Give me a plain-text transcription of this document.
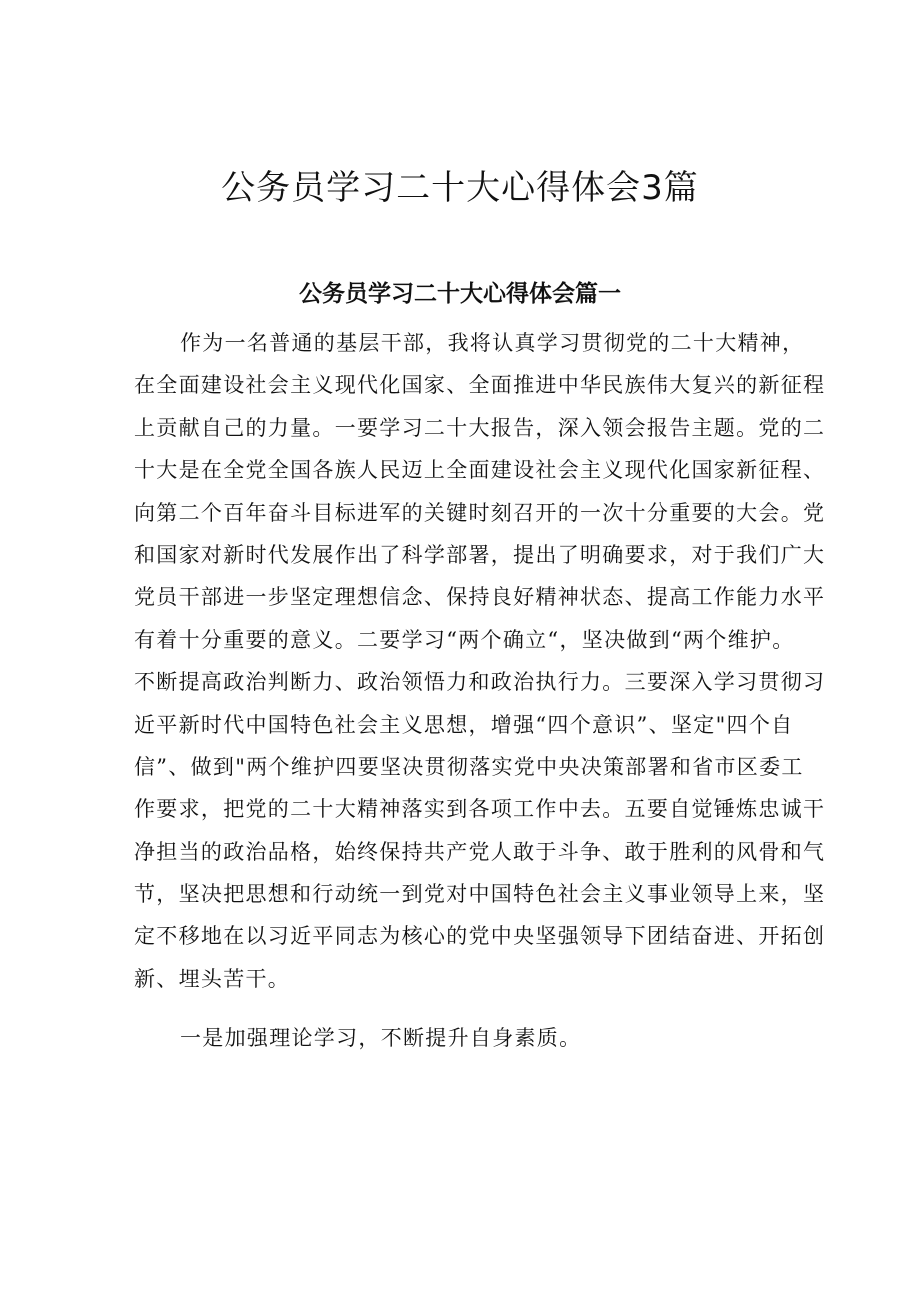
公务员学习二十大心得体会3篇
公务员学习二十大心得体会篇一
作为一名普通的基层干部，我将认真学习贯彻党的二十大精神，
在全面建设社会主义现代化国家、全面推进中华民族伟大复兴的新征程
上贡献自己的力量。一要学习二十大报告，深入领会报告主题。党的二
十大是在全党全国各族人民迈上全面建设社会主义现代化国家新征程、
向第二个百年奋斗目标进军的关键时刻召开的一次十分重要的大会。党
和国家对新时代发展作出了科学部署，提出了明确要求，对于我们广大
党员干部进一步坚定理想信念、保持良好精神状态、提高工作能力水平
有着十分重要的意义。二要学习“两个确立“，坚决做到“两个维护。
不断提高政治判断力、政治领悟力和政治执行力。三要深入学习贯彻习
近平新时代中国特色社会主义思想，增强“四个意识”、坚定"四个自
信”、做到"两个维护四要坚决贯彻落实党中央决策部署和省市区委工
作要求，把党的二十大精神落实到各项工作中去。五要自觉锤炼忠诚干
净担当的政治品格，始终保持共产党人敢于斗争、敢于胜利的风骨和气
节，坚决把思想和行动统一到党对中国特色社会主义事业领导上来，坚
定不移地在以习近平同志为核心的党中央坚强领导下团结奋进、开拓创
新、埋头苦干。
一是加强理论学习，不断提升自身素质。
